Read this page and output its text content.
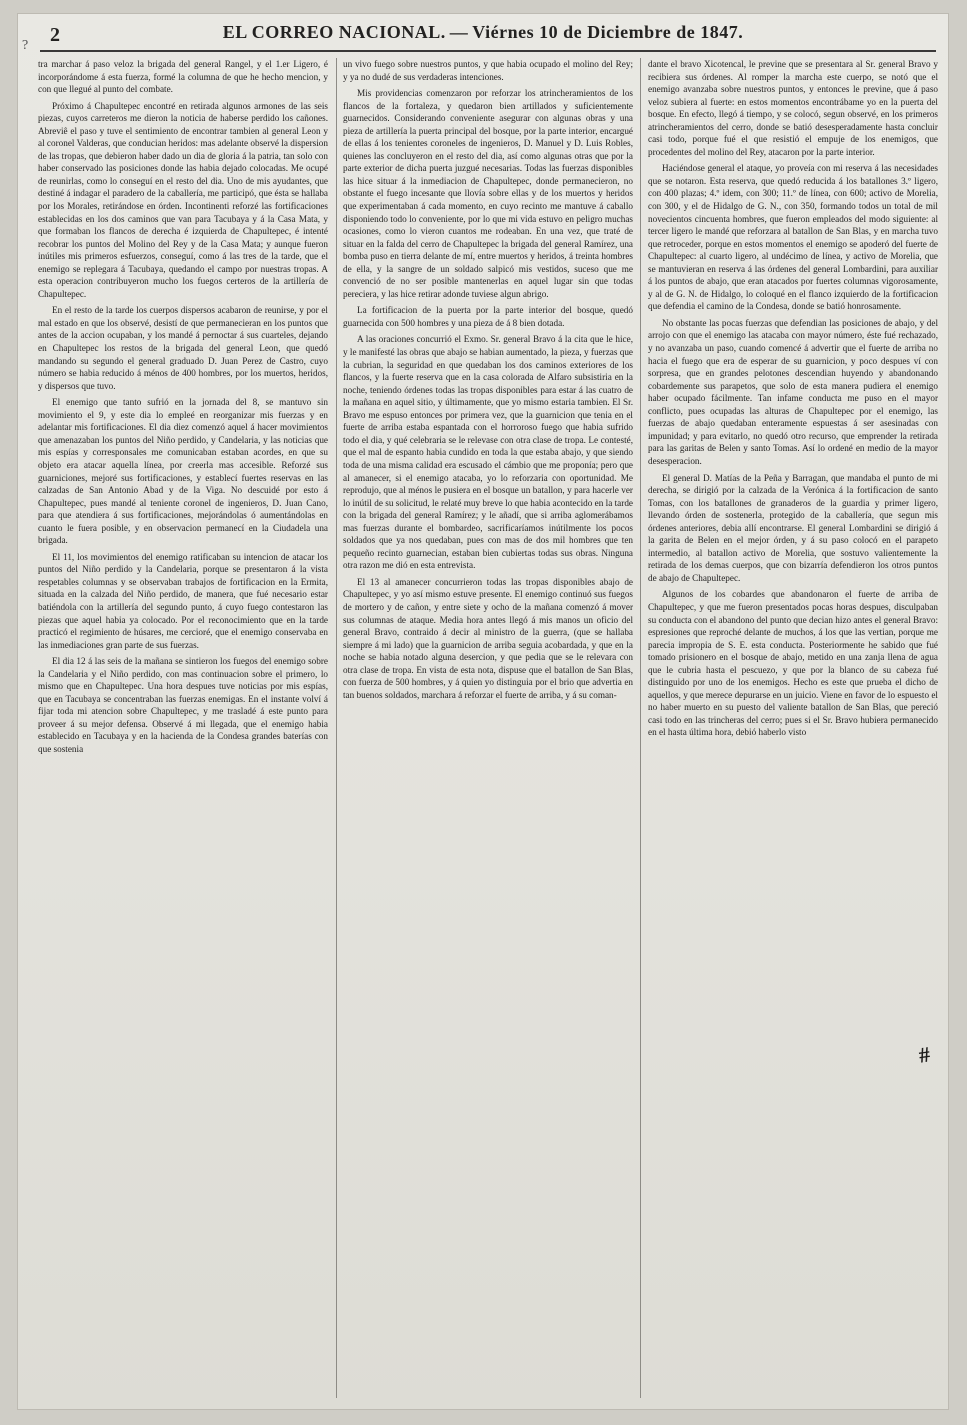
? 2	EL CORREO NACIONAL. — Viérnes 10 de Diciembre de 1847.

tra marchar á paso veloz la brigada del general Rangel, y el 1.er Ligero, é incorporándome á esta fuerza, formé la columna de que he hecho mencion, y con que llegué al punto del combate.

Próximo á Chapultepec encontré en retirada algunos armones de las seis piezas, cuyos carreteros me dieron la noticia de haberse perdido los cañones. Abreviê el paso y tuve el sentimiento de encontrar tambien al general Leon y al coronel Valderas, que conducian heridos: mas adelante observé la dispersion de las tropas, que debieron haber dado un dia de gloria á la patria, tan solo con haber conservado las posiciones donde las habia dejado colocadas. Me ocupé de reunirlas, como lo conseguí en el resto del dia. Uno de mis ayudantes, que destiné á indagar el paradero de la caballería, me participó, que ésta se hallaba por los Morales, retirándose en órden. Incontinenti reforzé las fortificaciones establecidas en los dos caminos que van para Tacubaya y á la Casa Mata, y que formaban los flancos de derecha é izquierda de Chapultepec, é intenté recobrar los puntos del Molino del Rey y de la Casa Mata; y aunque fueron inútiles mis primeros esfuerzos, conseguí, como á las tres de la tarde, que el enemigo se replegara á Tacubaya, quedando el campo por nuestras tropas. A esta operacion contribuyeron mucho los fuegos certeros de la artillería de Chapultepec.

En el resto de la tarde los cuerpos dispersos acabaron de reunirse, y por el mal estado en que los observé, desistí de que permanecieran en los puntos que antes de la accion ocupaban, y los mandé á pernoctar á sus cuarteles, dejando en Chapultepec los restos de la brigada del general Leon, que quedó mandando su segundo el general graduado D. Juan Perez de Castro, cuyo número se habia reducido á ménos de 400 hombres, por los muertos, heridos, y dispersos que tuvo.

El enemigo que tanto sufrió en la jornada del 8, se mantuvo sin movimiento el 9, y este dia lo empleé en reorganizar mis fuerzas y en adelantar mis fortificaciones. El dia diez comenzó aquel á hacer movimientos que amenazaban los puntos del Niño perdido, y Candelaria, y las noticias que mis espías y corresponsales me comunicaban estaban acordes, en que su objeto era atacar aquella línea, por creerla mas accesible. Reforzé sus guarniciones, mejoré sus fortificaciones, y establecí fuertes reservas en las calzadas de San Antonio Abad y de la Viga. No descuidé por esto á Chapultepec, pues mandé al teniente coronel de ingenieros, D. Juan Cano, para que atendiera á sus fortificaciones, mejorándolas ó aumentándolas en cuanto le fuera posible, y en observacion permanecí en la Ciudadela una brigada.

El 11, los movimientos del enemigo ratificaban su intencion de atacar los puntos del Niño perdido y la Candelaria, porque se presentaron á la vista respetables columnas y se observaban trabajos de fortificacion en la Ermita, situada en la calzada del Niño perdido, de manera, que fué necesario estar batiéndola con la artillería del segundo punto, á cuyo fuego contestaron las piezas que aquel habia ya colocado. Por el reconocimiento que en la tarde practicó el regimiento de húsares, me cercioré, que el enemigo conservaba en las inmediaciones gran parte de sus fuerzas.

El dia 12 á las seis de la mañana se sintieron los fuegos del enemigo sobre la Candelaria y el Niño perdido, con mas continuacion sobre el primero, lo mismo que en Chapultepec. Una hora despues tuve noticias por mis espías, que en Tacubaya se concentraban las fuerzas enemigas. En el instante volví á fijar toda mi atencion sobre Chapultepec, y me trasladé á este punto para proveer á su mejor defensa. Observé á mi llegada, que el enemigo habia establecido en Tacubaya y en la hacienda de la Condesa grandes baterías con que sostenia

un vivo fuego sobre nuestros puntos, y que habia ocupado el molino del Rey; y ya no dudé de sus verdaderas intenciones.

Mis providencias comenzaron por reforzar los atrincheramientos de los flancos de la fortaleza, y quedaron bien artillados y suficientemente guarnecidos. Considerando conveniente asegurar con algunas obras y una pieza de artillería la puerta principal del bosque, por la parte interior, encargué de ellas á los tenientes coroneles de ingenieros, D. Manuel y D. Luis Robles, quienes las concluyeron en el resto del dia, así como algunas otras que por la parte exterior de dicha puerta juzgué necesarias. Todas las fuerzas disponibles las hice situar á la inmediacion de Chapultepec, donde permanecieron, no obstante el fuego incesante que llovía sobre ellas y de los muertos y heridos que experimentaban á cada momento, en cuyo recinto me mantuve á caballo disponiendo todo lo conveniente, por lo que mi vida estuvo en peligro muchas ocasiones, como lo vieron cuantos me rodeaban. En una vez, que traté de situar en la falda del cerro de Chapultepec la brigada del general Ramírez, una bomba puso en tierra delante de mí, entre muertos y heridos, á treinta hombres de ella, y la sangre de un soldado salpicó mis vestidos, suceso que me convenció de no ser posible mantenerlas en aquel lugar sin que todas pereciera, y las hice retirar adonde tuviese algun abrigo.

La fortificacion de la puerta por la parte interior del bosque, quedó guarnecida con 500 hombres y una pieza de á 8 bien dotada.

A las oraciones concurrió el Exmo. Sr. general Bravo á la cita que le hice, y le manifesté las obras que abajo se habian aumentado, la pieza, y fuerzas que la cubrian, la seguridad en que quedaban los dos caminos exteriores de los flancos, y la fuerte reserva que en la casa colorada de Alfaro subsistiria en la noche, teniendo órdenes todas las tropas disponibles para estar á las cuatro de la mañana en aquel sitio, y últimamente, que yo mismo estaria tambien. El Sr. Bravo me espuso entonces por primera vez, que la guarnicion que tenia en el fuerte de arriba estaba espantada con el horroroso fuego que habia sufrido todo el dia, y qué celebraria se le relevase con otra clase de tropa. Le contesté, que el mal de espanto habia cundido en toda la que estaba abajo, y que siendo toda de una misma calidad era escusado el cámbio que me proponía; pero que al amanecer, si el enemigo atacaba, yo lo reforzaria con oportunidad. Me reprodujo, que al ménos le pusiera en el bosque un batallon, y para hacerle ver lo inútil de su solicitud, le relaté muy breve lo que habia acontecido en la tarde con la brigada del general Ramírez; y le añadí, que si arriba aglomerábamos mas fuerzas durante el bombardeo, sacrificaríamos inútilmente los pocos soldados que ya nos quedaban, pues con mas de dos mil hombres que ten pequeño recinto guarnecian, estaban bien cubiertas todas sus obras. Ninguna otra razon me dió en esta entrevista.

El 13 al amanecer concurrieron todas las tropas disponibles abajo de Chapultepec, y yo así mismo estuve presente. El enemigo continuó sus fuegos de mortero y de cañon, y entre siete y ocho de la mañana comenzó á mover sus columnas de ataque. Media hora antes llegó á mis manos un oficio del general Bravo, contraido á decir al ministro de la guerra, (que se hallaba siempre á mi lado) que la guarnicion de arriba seguia acobardada, y que en la noche se habia notado alguna desercion, y que pedia que se le relevara con otra clase de tropa. En vista de esta nota, dispuse que el batallon de San Blas, con fuerza de 500 hombres, y á quien yo distinguia por el brio que advertia en tan buenos soldados, marchara á reforzar el fuerte de arriba, y á su coman-

dante el bravo Xicotencal, le previne que se presentara al Sr. general Bravo y recibiera sus órdenes. Al romper la marcha este cuerpo, se notó que el enemigo avanzaba sobre nuestros puntos, y entonces le previne, que á paso veloz subiera al fuerte: en estos momentos encontrábame yo en la puerta del bosque. En efecto, llegó á tiempo, y se colocó, segun observé, en los primeros atrincheramientos del cerro, donde se batió desesperadamente hasta concluir casi todo, porque fué el que resistió el empuje de los enemigos, que procedentes del molino del Rey, atacaron por la parte interior.

Haciéndose general el ataque, yo proveía con mi reserva á las necesidades que se notaron. Esta reserva, que quedó reducida á los batallones 3.º ligero, con 400 plazas; 4.º idem, con 300; 11.º de línea, con 600; activo de Morelia, con 300, y el de Hidalgo de G. N., con 350, formando todos un total de mil novecientos cincuenta hombres, que fueron empleados del modo siguiente: al tercer ligero le mandé que reforzara al batallon de San Blas, y en marcha tuvo que retroceder, porque en estos momentos el enemigo se apoderó del fuerte de Chapultepec: al cuarto ligero, al undécimo de línea, y activo de Morelia, que se mantuvieran en reserva á las órdenes del general Lombardini, para auxiliar á los puntos de abajo, que eran atacados por fuertes columnas vigorosamente, y al de G. N. de Hidalgo, lo coloqué en el flanco izquierdo de la fortificacion que defendia el camino de la Condesa, donde se batió honrosamente.

No obstante las pocas fuerzas que defendian las posiciones de abajo, y del arrojo con que el enemigo las atacaba con mayor número, éste fué rechazado, y no avanzaba un paso, cuando comencé á advertir que el fuerte de arriba no hacia el fuego que era de esperar de su guarnicion, y poco despues ví con sorpresa, que en grandes pelotones descendian huyendo y abandonando cobardemente sus parapetos, que solo de esta manera pudiera el enemigo haber ocupado fácilmente. Tan infame conducta me puso en el mayor conflicto, pues ocupadas las alturas de Chapultepec por el enemigo, las fuerzas de abajo quedaban enteramente espuestas á ser asesinadas con impunidad; y para evitarlo, no quedó otro recurso, que emprender la retirada para las garitas de Belen y santo Tomas. Así lo ordené en medio de la mayor desesperacion.

El general D. Matías de la Peña y Barragan, que mandaba el punto de mi derecha, se dirigió por la calzada de la Verónica á la fortificacion de santo Tomas, con los batallones de granaderos de la guardia y primer ligero, llevando órden de sostenerla, protegido de la caballería, que segun mis órdenes anteriores, debia allí encontrarse. El general Lombardini se dirigió á la garita de Belen en el mejor órden, y á su paso colocó en el parapeto intermedio, al batallon activo de Morelia, que sostuvo valientemente la retirada de los demas cuerpos, que con bizarría defendieron los otros puntos de abajo de Chapultepec.

Algunos de los cobardes que abandonaron el fuerte de arriba de Chapultepec, y que me fueron presentados pocas horas despues, disculpaban su conducta con el abandono del punto que decian hizo antes el general Bravo: espresiones que reproché delante de muchos, á los que las vertian, porque me parecia impropia de S. E. esta conducta. Posteriormente he sabido que fué tomado prisionero en el bosque de abajo, metido en una zanja llena de agua que le cubria hasta el pescuezo, y que por la blanco de su cabeza fué distinguido por uno de los enemigos. Hecho es este que prueba el dicho de aquellos, y que merece depurarse en un juicio. Viene en favor de lo espuesto el no haber muerto en su puesto del valiente batallon de San Blas, que pereció casi todo en las trincheras del cerro; pues si el Sr. Bravo hubiera permanecido en el hasta última hora, debió haberlo visto

#
